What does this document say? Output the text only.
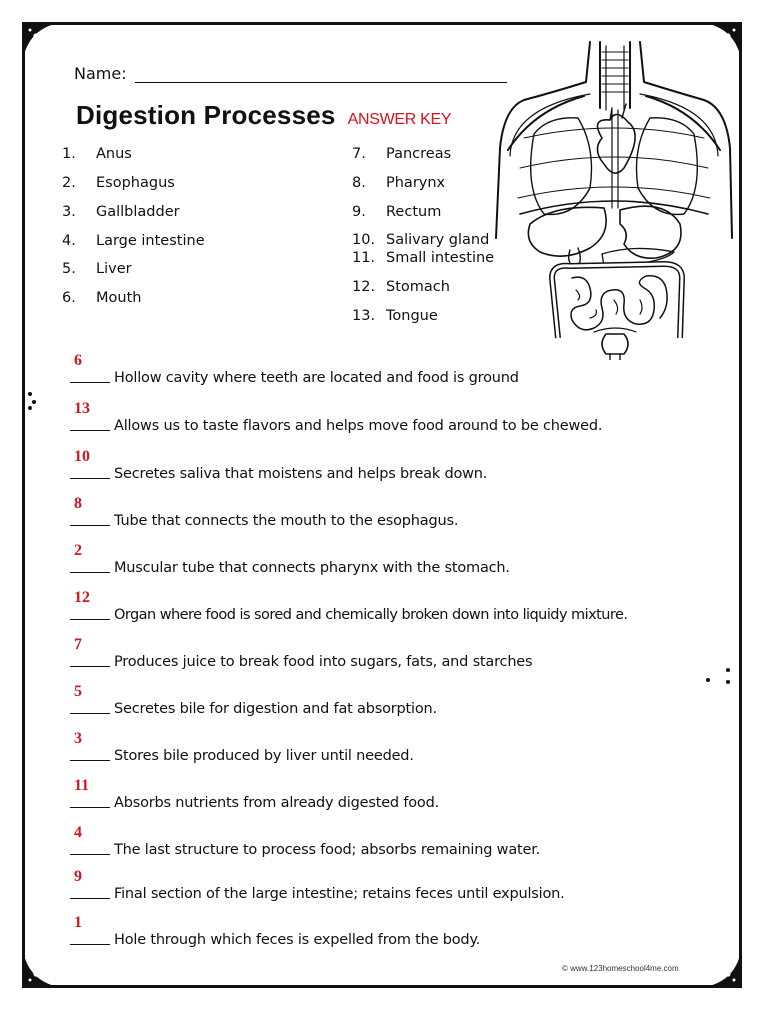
Name:
Digestion Processes ANSWER KEY
1. Anus
2. Esophagus
3. Gallbladder
4. Large intestine
5. Liver
6. Mouth
7. Pancreas
8. Pharynx
9. Rectum
10. Salivary gland
11. Small intestine
12. Stomach
13. Tongue
6
Hollow cavity where teeth are located and food is ground
13
Allows us to taste flavors and helps move food around to be chewed.
10
Secretes saliva that moistens and helps break down.
8
Tube that connects the mouth to the esophagus.
2
Muscular tube that connects pharynx with the stomach.
12
Organ where food is sored and chemically broken down into liquidy mixture.
7
Produces juice to break food into sugars, fats, and starches
5
Secretes bile for digestion and fat absorption.
3
Stores bile produced by liver until needed.
11
Absorbs nutrients from already digested food.
4
The last structure to process food; absorbs remaining water.
9
Final section of the large intestine; retains feces until expulsion.
1
Hole through which feces is expelled from the body.
© www.123homeschool4me.com
